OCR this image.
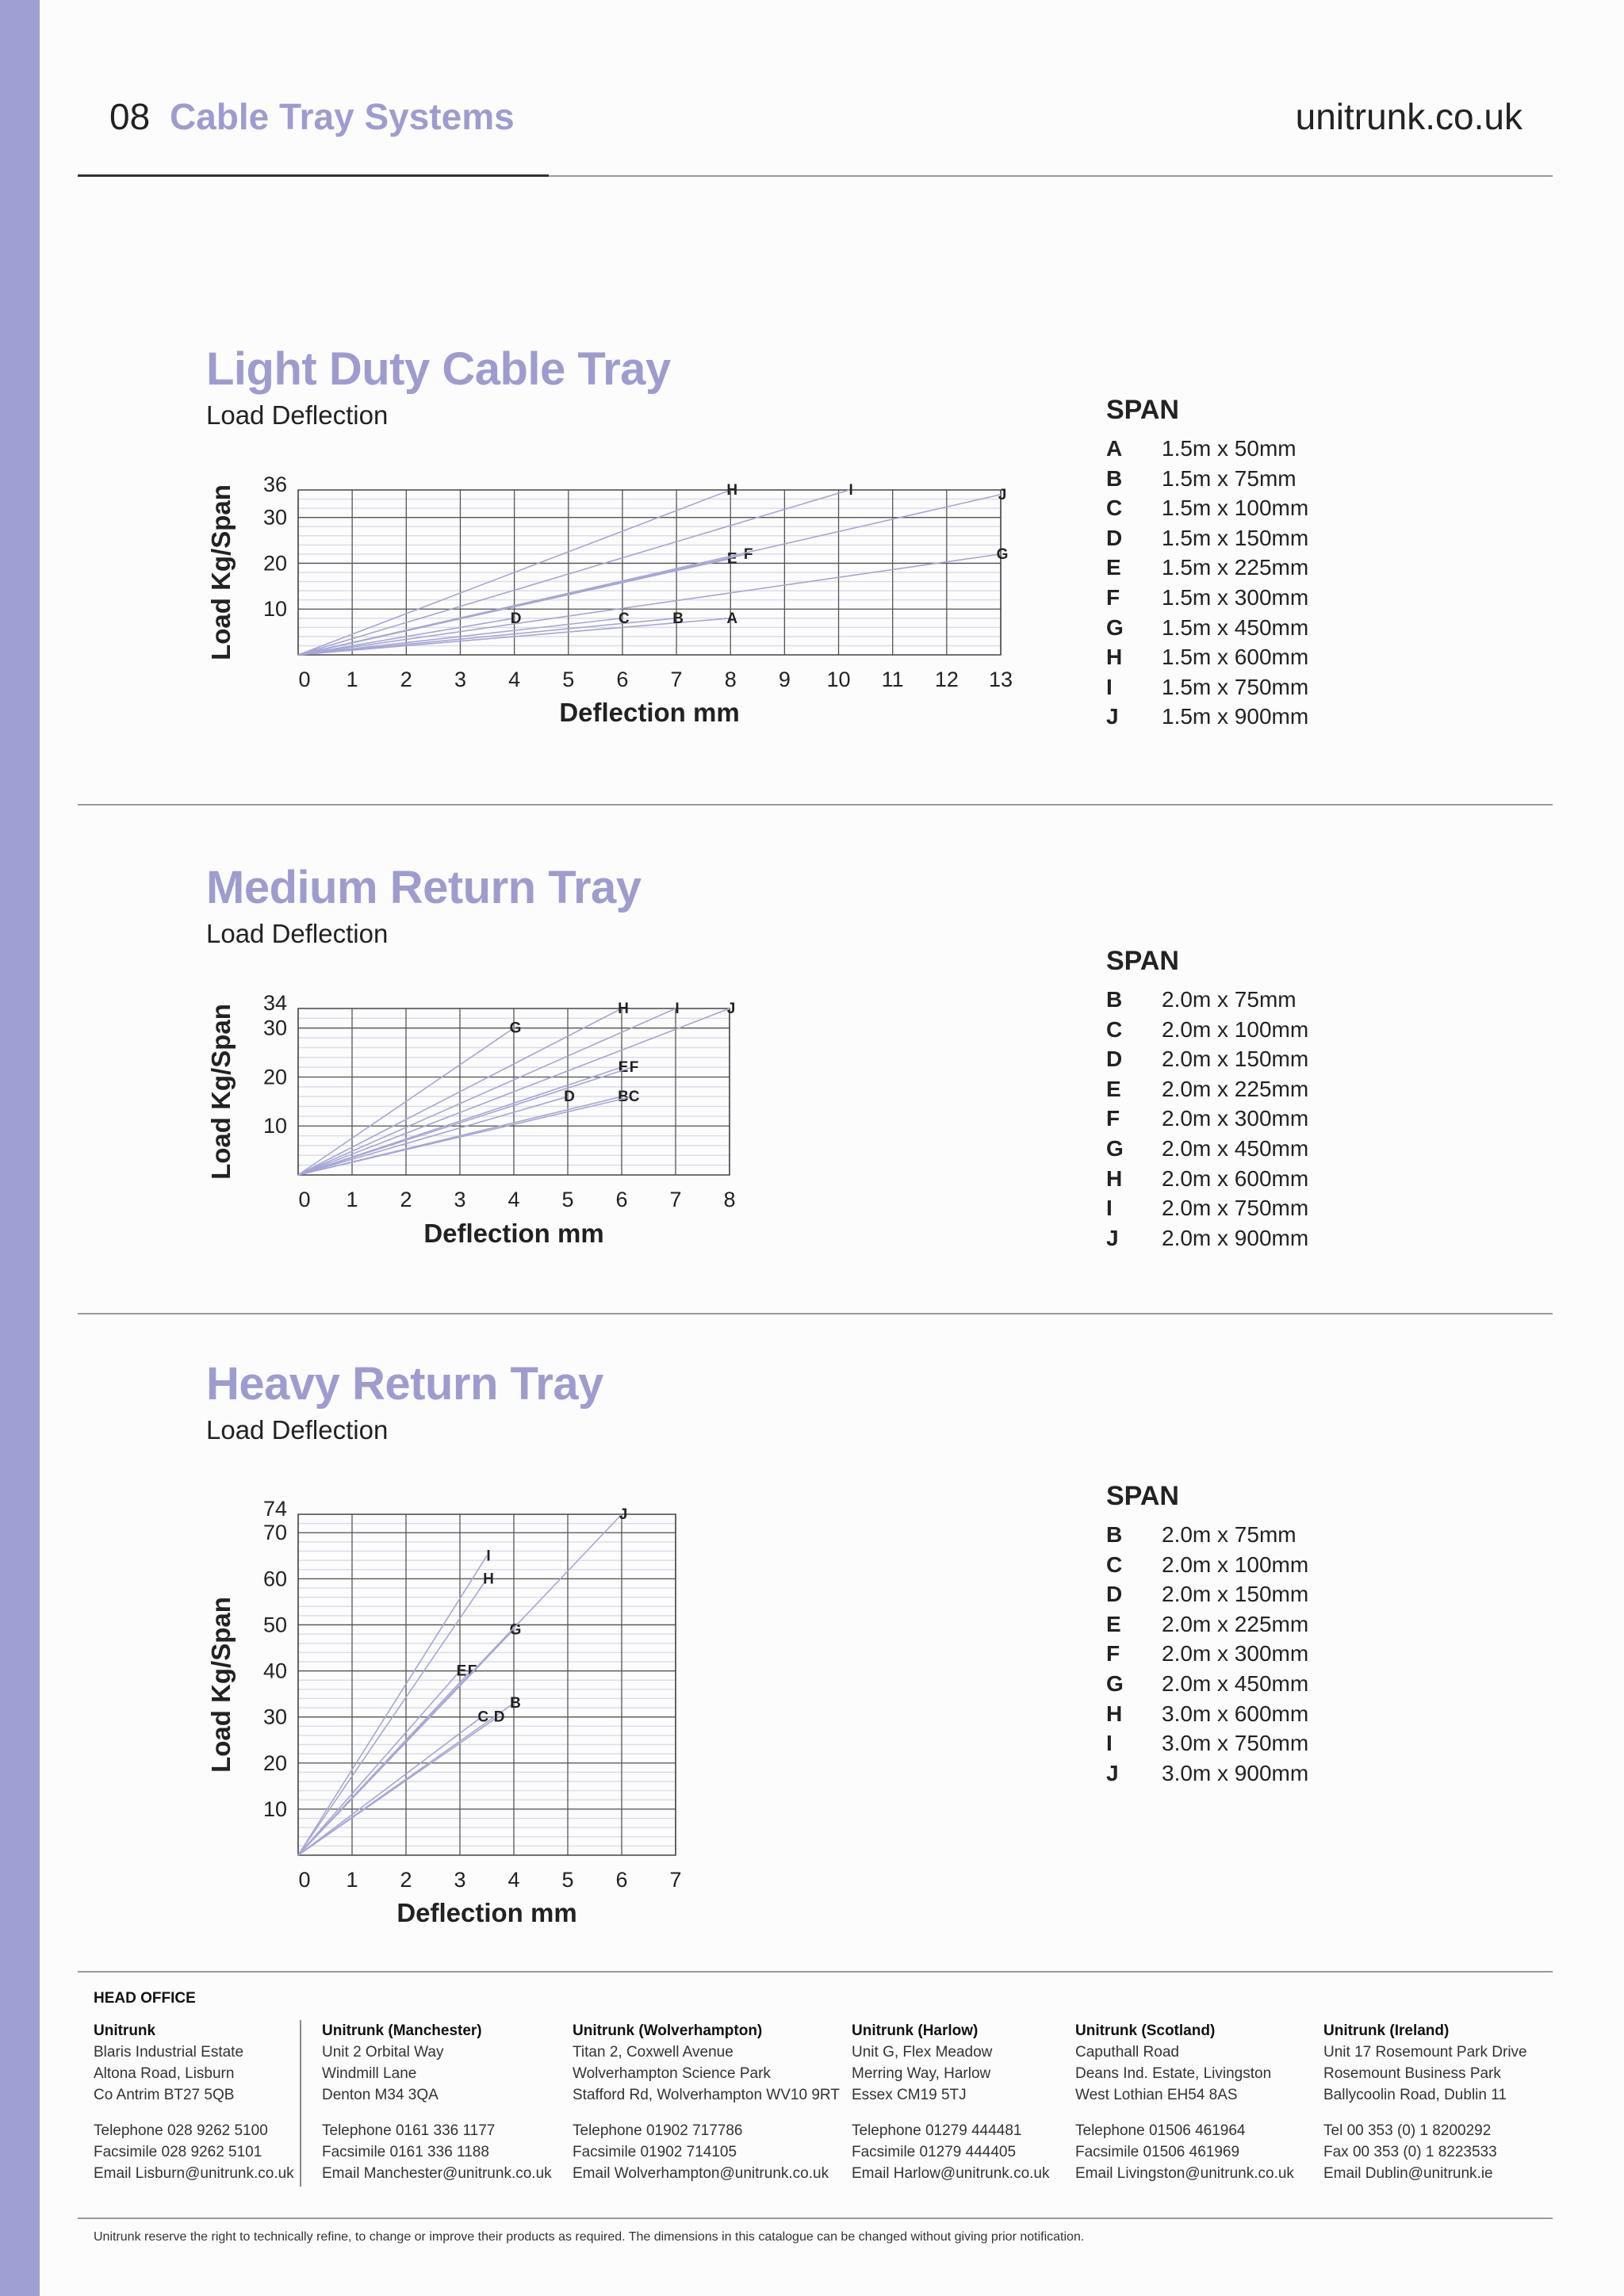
08 Cable Tray Systems	unitrunk.co.uk
Light Duty Cable Tray
Load Deflection	SPAN
A 1.5m x 50mm
B 1.5m x 75mm
C 1.5m x 100mm
D 1.5m x 150mm
E 1.5m x 225mm
F 1.5m x 300mm
G 1.5m x 450mm
H 1.5m x 600mm
I 1.5m x 750mm
J 1.5m x 900mm
Medium Return Tray
Load Deflection
SPAN
B 2.0m x 75mm
C 2.0m x 100mm
D 2.0m x 150mm
E 2.0m x 225mm
F 2.0m x 300mm
G 2.0m x 450mm
H 2.0m x 600mm
I 2.0m x 750mm
J 2.0m x 900mm
Heavy Return Tray
Load Deflection
SPAN
B 2.0m x 75mm
C 2.0m x 100mm
D 2.0m x 150mm
E 2.0m x 225mm
F 2.0m x 300mm
G 2.0m x 450mm
H 3.0m x 600mm
I 3.0m x 750mm
J 3.0m x 900mm
0 1 2 3 4 5 6 7 8 9 10 11 12 13
10
20
30
36
A
B
C
D
E F	G
H	I	J
Deflection mm
Load Kg/Span
0 1 2 3 4 5 6 7 8
10
20
30
34
B C
D
E F
G
H	I	J
Deflection mm
Load Kg/Span
0 1 2 3 4 5 6 7
10
20
30
40
50
60
70
74
B
C D
E F
G
H
I
J
Deflection mm
Load Kg/Span
HEAD OFFICE
Unitrunk
Blaris Industrial Estate
Altona Road, Lisburn
Co Antrim BT27 5QB
Telephone 028 9262 5100
Facsimile 028 9262 5101
Email Lisburn@unitrunk.co.uk
Unitrunk (Manchester)
Unit 2 Orbital Way
Windmill Lane
Denton M34 3QA
Telephone 0161 336 1177
Facsimile 0161 336 1188
Email Manchester@unitrunk.co.uk
Unitrunk (Wolverhampton)
Titan 2, Coxwell Avenue
Wolverhampton Science Park
Stafford Rd, Wolverhampton WV10 9RT
Telephone 01902 717786
Facsimile 01902 714105
Email Wolverhampton@unitrunk.co.uk
Unitrunk (Harlow)
Unit G, Flex Meadow
Merring Way, Harlow
Essex CM19 5TJ
Telephone 01279 444481
Facsimile 01279 444405
Email Harlow@unitrunk.co.uk
Unitrunk (Scotland)
Caputhall Road
Deans Ind. Estate, Livingston
West Lothian EH54 8AS
Telephone 01506 461964
Facsimile 01506 461969
Email Livingston@unitrunk.co.uk
Unitrunk (Ireland)
Unit 17 Rosemount Park Drive
Rosemount Business Park
Ballycoolin Road, Dublin 11
Tel 00 353 (0) 1 8200292
Fax 00 353 (0) 1 8223533
Email Dublin@unitrunk.ie
Unitrunk reserve the right to technically refine, to change or improve their products as required. The dimensions in this catalogue can be changed without giving prior notification.
